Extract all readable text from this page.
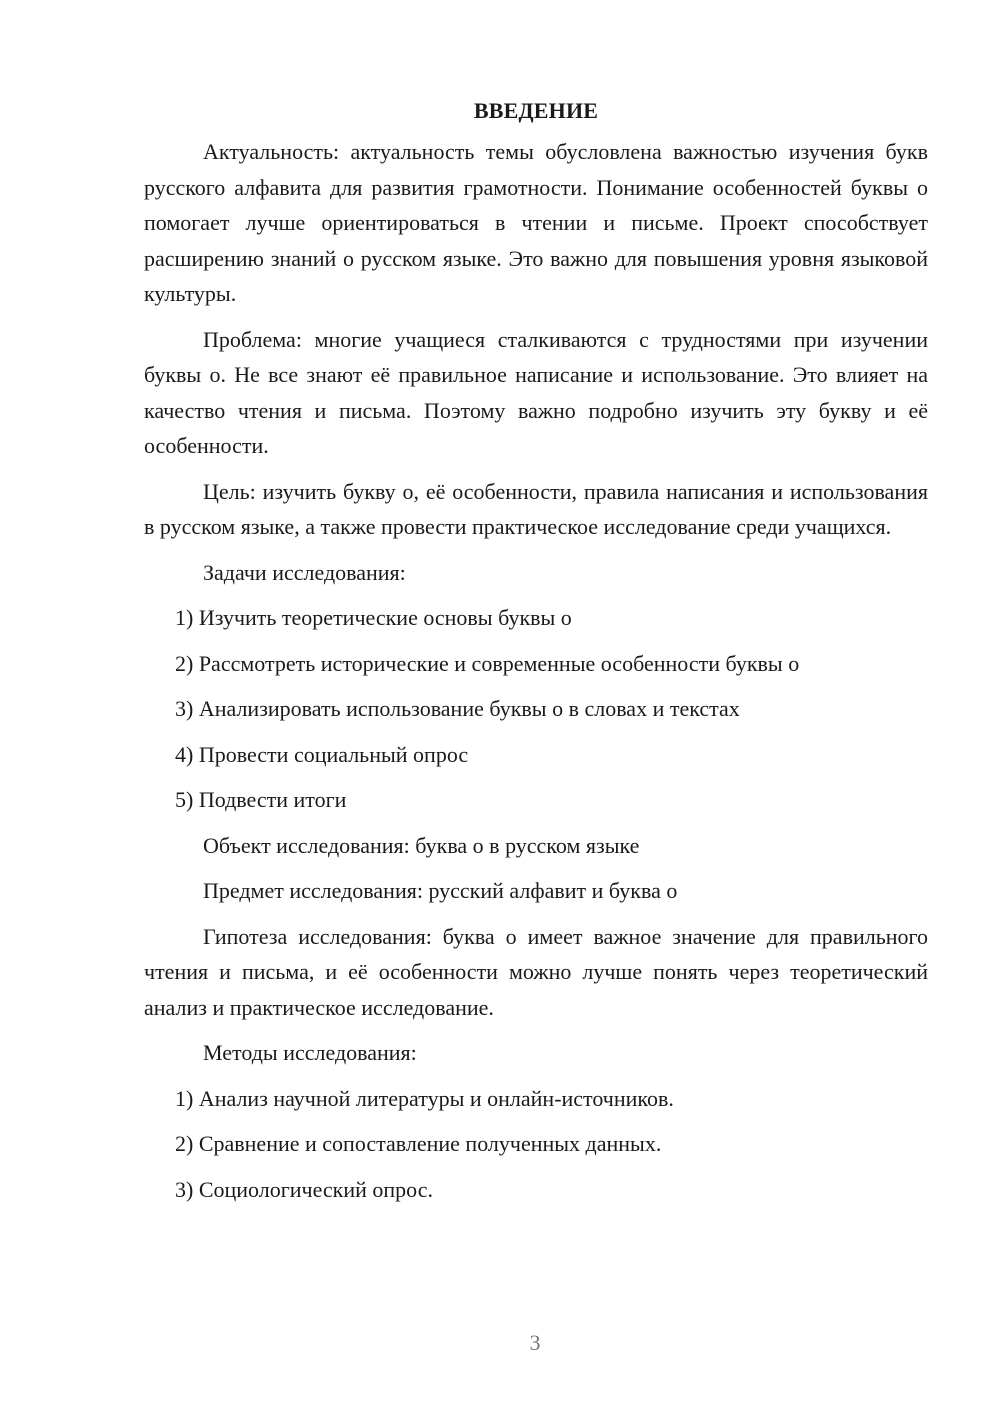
ВВЕДЕНИЕ

Актуальность: актуальность темы обусловлена важностью изучения букв русского алфавита для развития грамотности. Понимание особенностей буквы о помогает лучше ориентироваться в чтении и письме. Проект способствует расширению знаний о русском языке. Это важно для повышения уровня языковой культуры.

Проблема: многие учащиеся сталкиваются с трудностями при изучении буквы о. Не все знают её правильное написание и использование. Это влияет на качество чтения и письма. Поэтому важно подробно изучить эту букву и её особенности.

Цель: изучить букву о, её особенности, правила написания и использования в русском языке, а также провести практическое исследование среди учащихся.

Задачи исследования:
1) Изучить теоретические основы буквы о
2) Рассмотреть исторические и современные особенности буквы о
3) Анализировать использование буквы о в словах и текстах
4) Провести социальный опрос
5) Подвести итоги
Объект исследования: буква о в русском языке
Предмет исследования: русский алфавит и буква о

Гипотеза исследования: буква о имеет важное значение для правильного чтения и письма, и её особенности можно лучше понять через теоретический анализ и практическое исследование.

Методы исследования:
1) Анализ научной литературы и онлайн-источников.
2) Сравнение и сопоставление полученных данных.
3) Социологический опрос.
3
